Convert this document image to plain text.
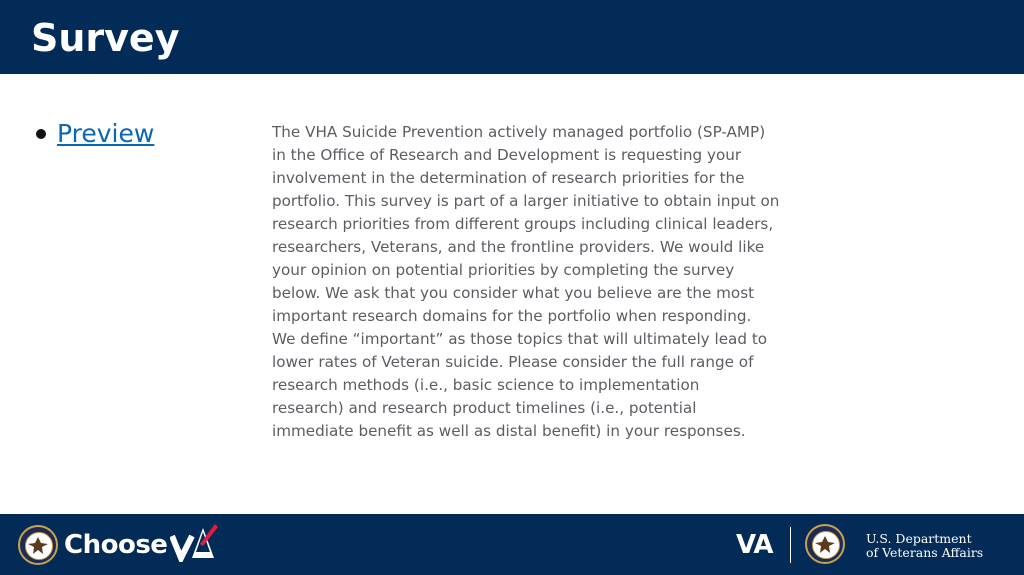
Survey
Preview	The VHA Suicide Prevention actively managed portfolio (SP-AMP)
in the Office of Research and Development is requesting your
involvement in the determination of research priorities for the
portfolio. This survey is part of a larger initiative to obtain input on
research priorities from different groups including clinical leaders,
researchers, Veterans, and the frontline providers. We would like
your opinion on potential priorities by completing the survey
below. We ask that you consider what you believe are the most
important research domains for the portfolio when responding.
We define “important” as those topics that will ultimately lead to
lower rates of Veteran suicide. Please consider the full range of
research methods (i.e., basic science to implementation
research) and research product timelines (i.e., potential
immediate benefit as well as distal benefit) in your responses.
Choose	VA	U.S. Department
of Veterans Affairs
